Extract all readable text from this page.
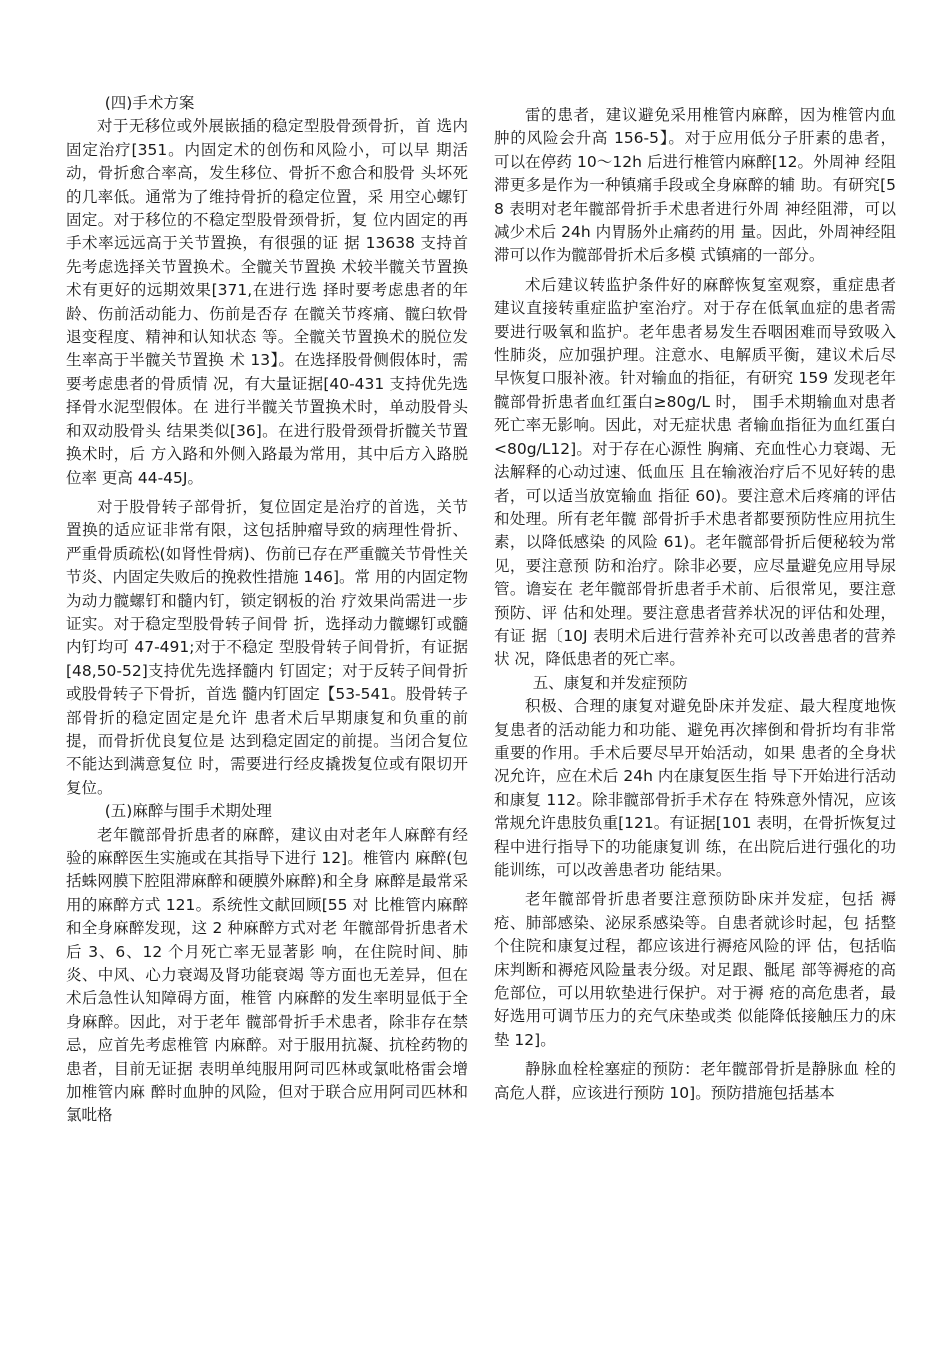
(四)手术方案

对于无移位或外展嵌插的稳定型股骨颈骨折，首 选内固定治疗[351。内固定术的创伤和风险小，可以早 期活动，骨折愈合率高，发生移位、骨折不愈合和股骨 头坏死的几率低。通常为了维持骨折的稳定位置，采 用空心螺钉固定。对于移位的不稳定型股骨颈骨折，复 位内固定的再手术率远远高于关节置换，有很强的证 据 13638 支持首先考虑选择关节置换术。全髋关节置换 术较半髋关节置换术有更好的远期效果[371,在进行选 择时要考虑患者的年龄、伤前活动能力、伤前是否存 在髋关节疼痛、髋臼软骨退变程度、精神和认知状态 等。全髋关节置换术的脱位发生率高于半髋关节置换 术 13】。在选择股骨侧假体时，需要考虑患者的骨质情 况，有大量证据[40-431 支持优先选择骨水泥型假体。在 进行半髋关节置换术时，单动股骨头和双动股骨头 结果类似[36]。在进行股骨颈骨折髋关节置换术时，后 方入路和外侧入路最为常用，其中后方入路脱位率 更高 44-45J。

对于股骨转子部骨折，复位固定是治疗的首选，关节置换的适应证非常有限，这包括肿瘤导致的病理性骨折、严重骨质疏松(如肾性骨病)、伤前已存在严重髋关节骨性关节炎、内固定失败后的挽救性措施 146]。常 用的内固定物为动力髋螺钉和髓内钉，锁定钢板的治 疗效果尚需进一步证实。对于稳定型股骨转子间骨 折，选择动力髋螺钉或髓内钉均可 47-491;对于不稳定 型股骨转子间骨折，有证据[48,50-52]支持优先选择髓内 钉固定；对于反转子间骨折或股骨转子下骨折，首选 髓内钉固定【53-541。股骨转子部骨折的稳定固定是允许 患者术后早期康复和负重的前提，而骨折优良复位是 达到稳定固定的前提。当闭合复位不能达到满意复位 时，需要进行经皮撬拨复位或有限切开复位。

(五)麻醉与围手术期处理

老年髋部骨折患者的麻醉，建议由对老年人麻醉有经验的麻醉医生实施或在其指导下进行 12]。椎管内 麻醉(包括蛛网膜下腔阻滞麻醉和硬膜外麻醉)和全身 麻醉是最常采用的麻醉方式 121。系统性文献回顾[55 对 比椎管内麻醉和全身麻醉发现，这 2 种麻醉方式对老 年髋部骨折患者术后 3、6、12 个月死亡率无显著影 响，在住院时间、肺炎、中风、心力衰竭及肾功能衰竭 等方面也无差异，但在术后急性认知障碍方面，椎管 内麻醉的发生率明显低于全身麻醉。因此，对于老年 髋部骨折手术患者，除非存在禁忌，应首先考虑椎管 内麻醉。对于服用抗凝、抗栓药物的患者，目前无证据 表明单纯服用阿司匹林或氯吡格雷会增加椎管内麻 醉时血肿的风险，但对于联合应用阿司匹林和氯吡格

雷的患者，建议避免采用椎管内麻醉，因为椎管内血肿的风险会升高 156-5】。对于应用低分子肝素的患者， 可以在停药 10～12h 后进行椎管内麻醉[12。外周神 经阻滞更多是作为一种镇痛手段或全身麻醉的辅 助。有研究[58 表明对老年髋部骨折手术患者进行外周 神经阻滞，可以减少术后 24h 内胃肠外止痛药的用 量。因此，外周神经阻滞可以作为髋部骨折术后多模 式镇痛的一部分。

术后建议转监护条件好的麻醉恢复室观察，重症患者建议直接转重症监护室治疗。对于存在低氧血症的患者需要进行吸氧和监护。老年患者易发生吞咽困难而导致吸入性肺炎，应加强护理。注意水、电解质平衡，建议术后尽早恢复口服补液。针对输血的指征，有研究 159 发现老年髋部骨折患者血红蛋白≥80g/L 时， 围手术期输血对患者死亡率无影响。因此，对无症状患 者输血指征为血红蛋白<80g/L12]。对于存在心源性 胸痛、充血性心力衰竭、无法解释的心动过速、低血压 且在输液治疗后不见好转的患者，可以适当放宽输血 指征 60)。要注意术后疼痛的评估和处理。所有老年髋 部骨折手术患者都要预防性应用抗生素，以降低感染 的风险 61)。老年髋部骨折后便秘较为常见，要注意预 防和治疗。除非必要，应尽量避免应用导尿管。谵妄在 老年髋部骨折患者手术前、后很常见，要注意预防、评 估和处理。要注意患者营养状况的评估和处理，有证 据〔10J 表明术后进行营养补充可以改善患者的营养状 况，降低患者的死亡率。

五、康复和并发症预防

积极、合理的康复对避免卧床并发症、最大程度地恢复患者的活动能力和功能、避免再次摔倒和骨折均有非常重要的作用。手术后要尽早开始活动，如果 患者的全身状况允许，应在术后 24h 内在康复医生指 导下开始进行活动和康复 112。除非髋部骨折手术存在 特殊意外情况，应该常规允许患肢负重[121。有证据[101 表明，在骨折恢复过程中进行指导下的功能康复训 练，在出院后进行强化的功能训练，可以改善患者功 能结果。

老年髋部骨折患者要注意预防卧床并发症，包括 褥疮、肺部感染、泌尿系感染等。自患者就诊时起，包 括整个住院和康复过程，都应该进行褥疮风险的评 估，包括临床判断和褥疮风险量表分级。对足跟、骶尾 部等褥疮的高危部位，可以用软垫进行保护。对于褥 疮的高危患者，最好选用可调节压力的充气床垫或类 似能降低接触压力的床垫 12]。

静脉血栓栓塞症的预防：老年髋部骨折是静脉血 栓的高危人群，应该进行预防 10]。预防措施包括基本
